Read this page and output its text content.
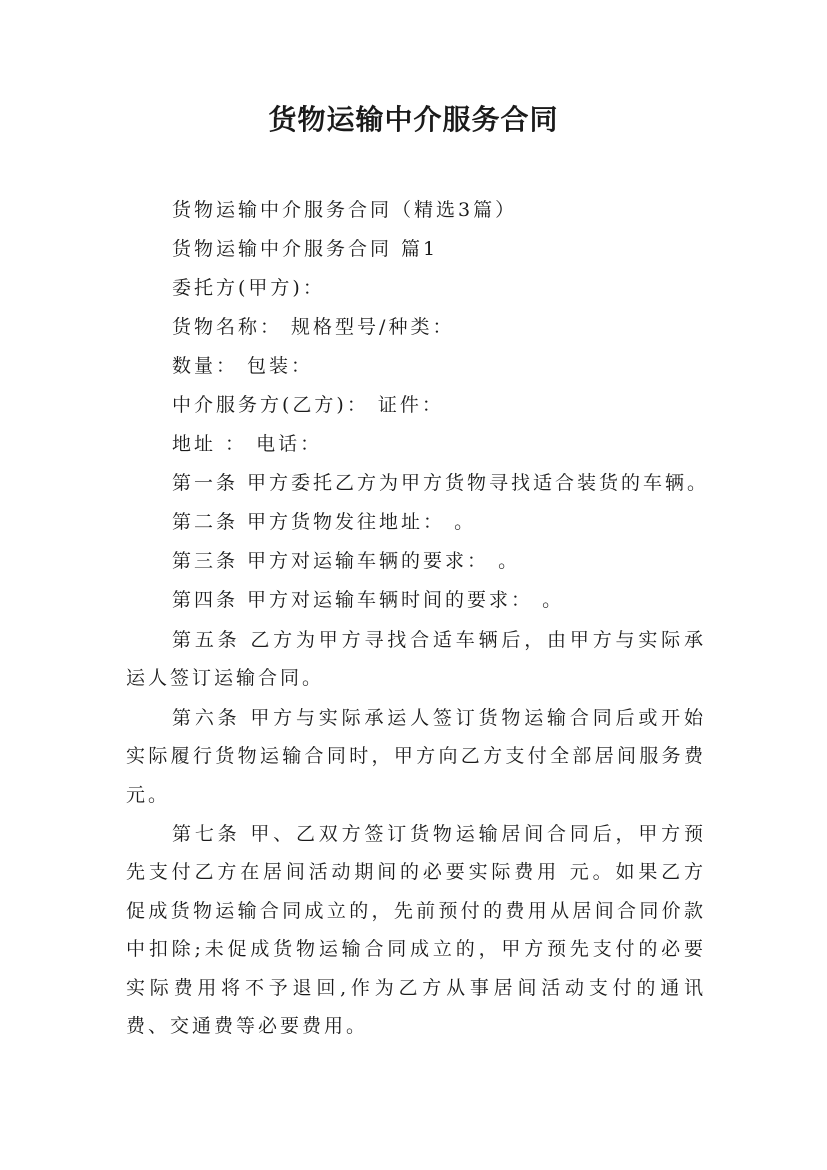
货物运输中介服务合同
货物运输中介服务合同（精选3篇）
货物运输中介服务合同 篇1
委托方(甲方)：
货物名称： 规格型号/种类：
数量： 包装：
中介服务方(乙方)： 证件：
地址 ： 电话：
第一条 甲方委托乙方为甲方货物寻找适合装货的车辆。
第二条 甲方货物发往地址： 。
第三条 甲方对运输车辆的要求： 。
第四条 甲方对运输车辆时间的要求： 。
第五条 乙方为甲方寻找合适车辆后，由甲方与实际承运人签订运输合同。
第六条 甲方与实际承运人签订货物运输合同后或开始实际履行货物运输合同时，甲方向乙方支付全部居间服务费 元。
第七条 甲、乙双方签订货物运输居间合同后，甲方预先支付乙方在居间活动期间的必要实际费用 元。如果乙方促成货物运输合同成立的，先前预付的费用从居间合同价款中扣除;未促成货物运输合同成立的，甲方预先支付的必要实际费用将不予退回,作为乙方从事居间活动支付的通讯费、交通费等必要费用。
